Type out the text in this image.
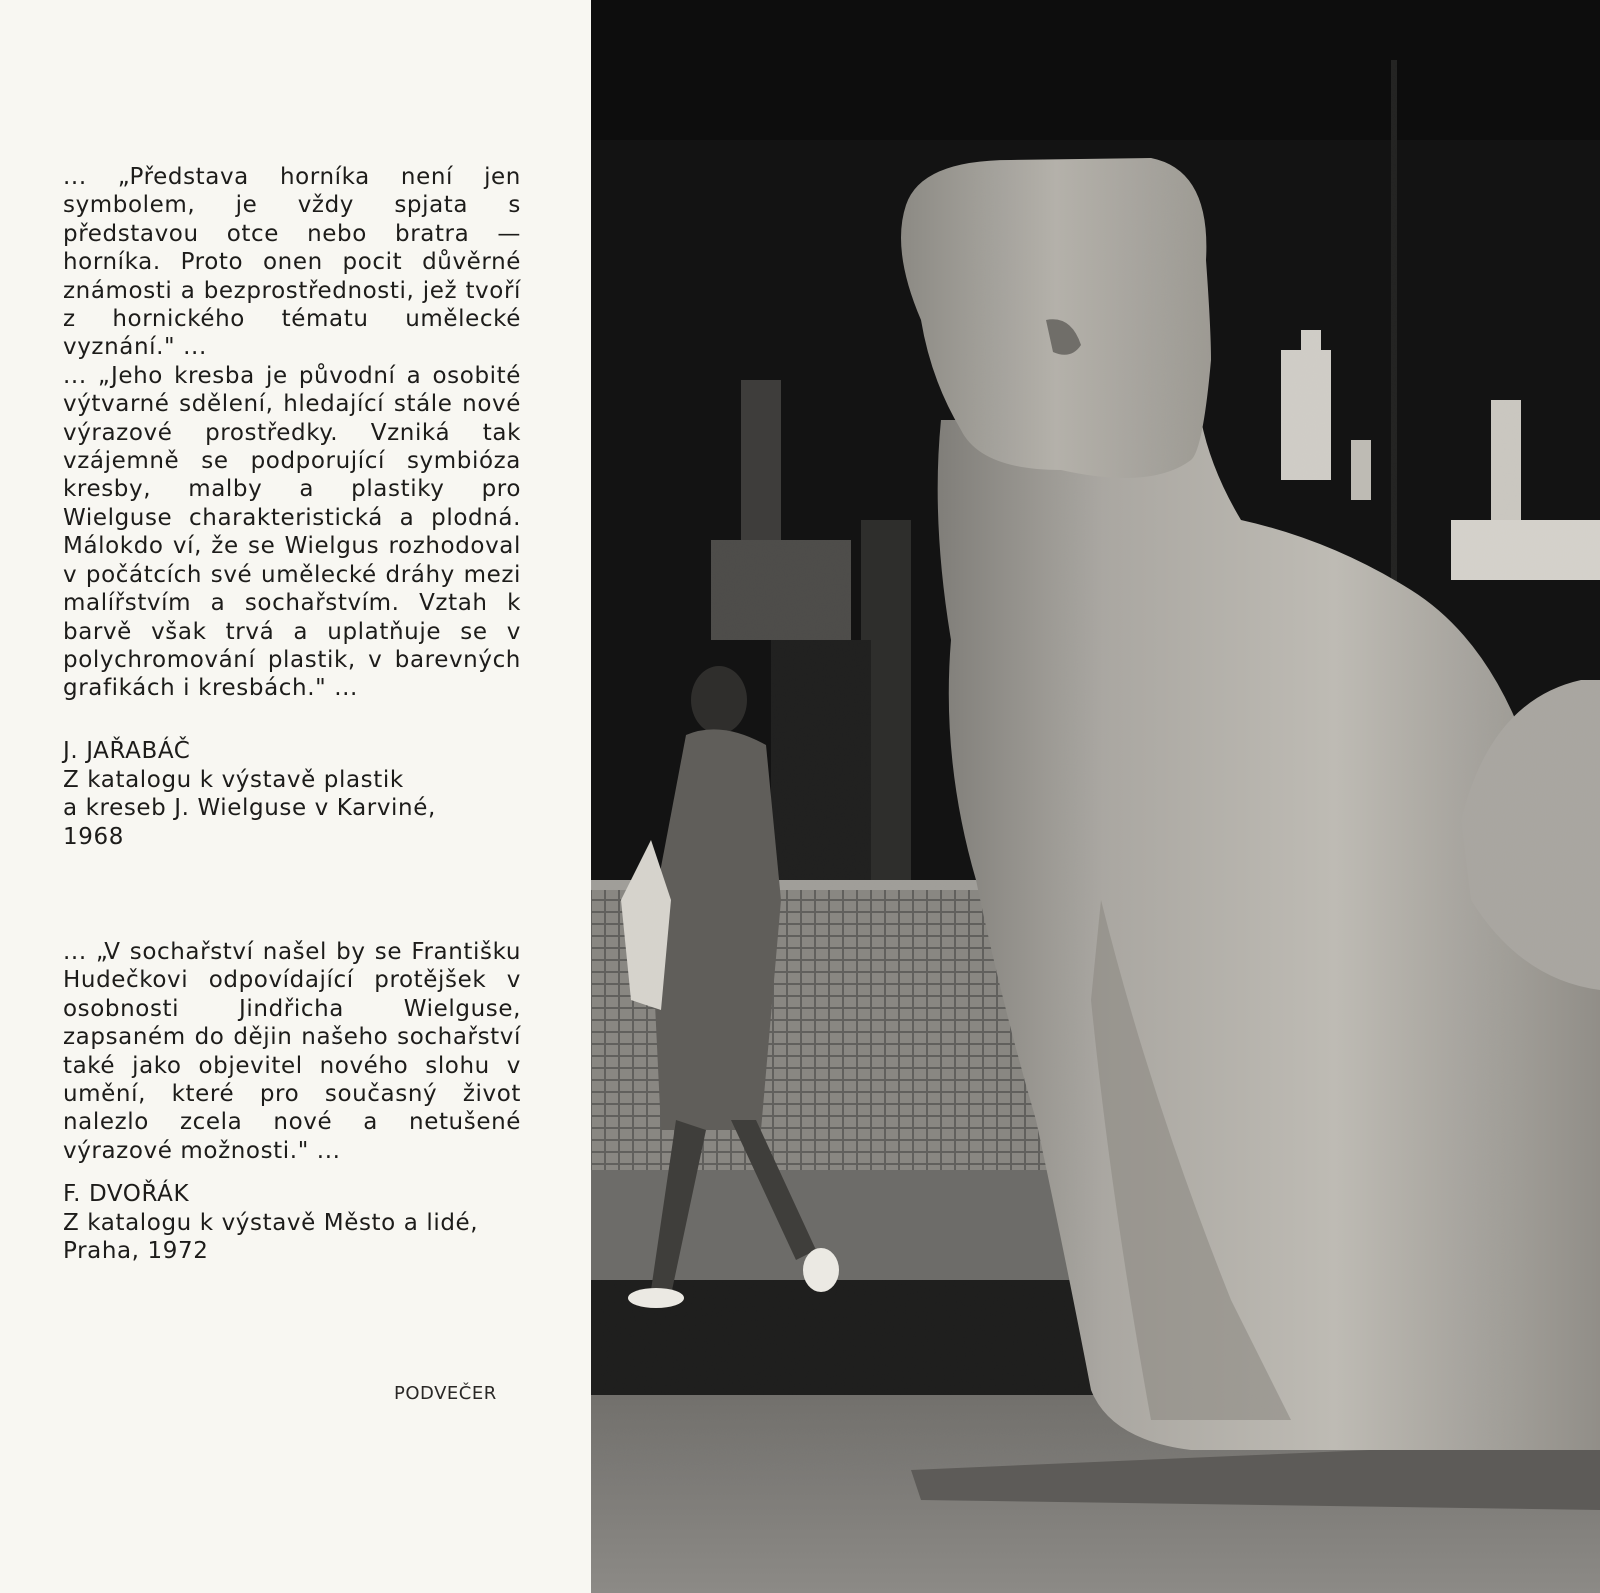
... „Představa horníka není jen symbolem, je vždy spjata s představou otce nebo bratra — horníka. Proto onen pocit důvěrné známosti a bezprostřednosti, jež tvoří z hornického tématu umělecké vyznání." ...

... „Jeho kresba je původní a osobité výtvarné sdělení, hledající stále nové výrazové prostředky. Vzniká tak vzájemně se podporující symbióza kresby, malby a plastiky pro Wielguse charakteristická a plodná. Málokdo ví, že se Wielgus rozhodoval v počátcích své umělecké dráhy mezi malířstvím a sochařstvím. Vztah k barvě však trvá a uplatňuje se v polychromování plastik, v barevných grafikách i kresbách." ...

J. JAŘABÁČ
Z katalogu k výstavě plastik
a kreseb J. Wielguse v Karviné,
1968

... „V sochařství našel by se Františku Hudečkovi odpovídající protějšek v osobnosti Jindřicha Wielguse, zapsaném do dějin našeho sochařství také jako objevitel nového slohu v umění, které pro současný život nalezlo zcela nové a netušené výrazové možnosti." ...

F. DVOŘÁK
Z katalogu k výstavě Město a lidé,
Praha, 1972
PODVEČER
